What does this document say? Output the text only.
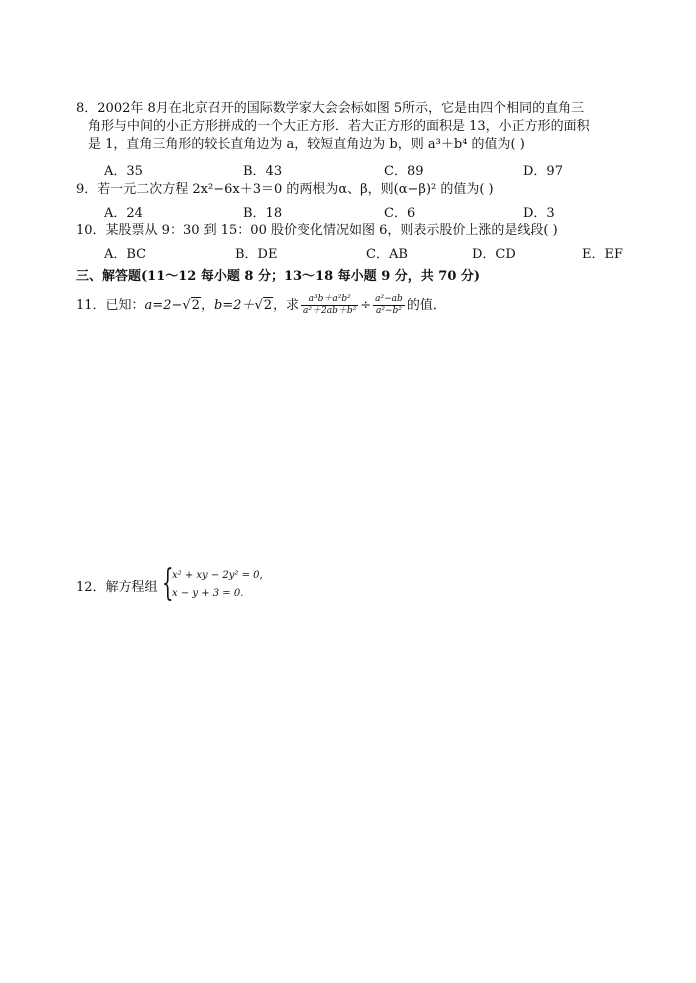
8．2002年 8月在北京召开的国际数学家大会会标如图 5所示，它是由四个相同的直角三
角形与中间的小正方形拼成的一个大正方形．若大正方形的面积是 13，小正方形的面积
是 1，直角三角形的较长直角边为 a，较短直角边为 b，则 a³＋b⁴ 的值为( )
A．35	B．43	C．89	D．97
9．若一元二次方程 2x²−6x＋3＝0 的两根为α、β，则(α−β)² 的值为( )
A．24	B．18	C．6	D．3
10．某股票从 9：30 到 15：00 股价变化情况如图 6，则表示股价上涨的是线段( )
A．BC	B．DE	C．AB	D．CD	E．EF
三、解答题(11～12 每小题 8 分；13～18 每小题 9 分，共 70 分)
11．已知：a=2−√2，b=2＋√2，求 $\frac{\text{a³b＋a²b²}}{\text{a²＋2ab＋b²}} \div \frac{\text{a²−ab}}{\text{a²−b²}}$ 的值．
12．解方程组 {
x² + xy − 2y² = 0,
x − y + 3 = 0.
